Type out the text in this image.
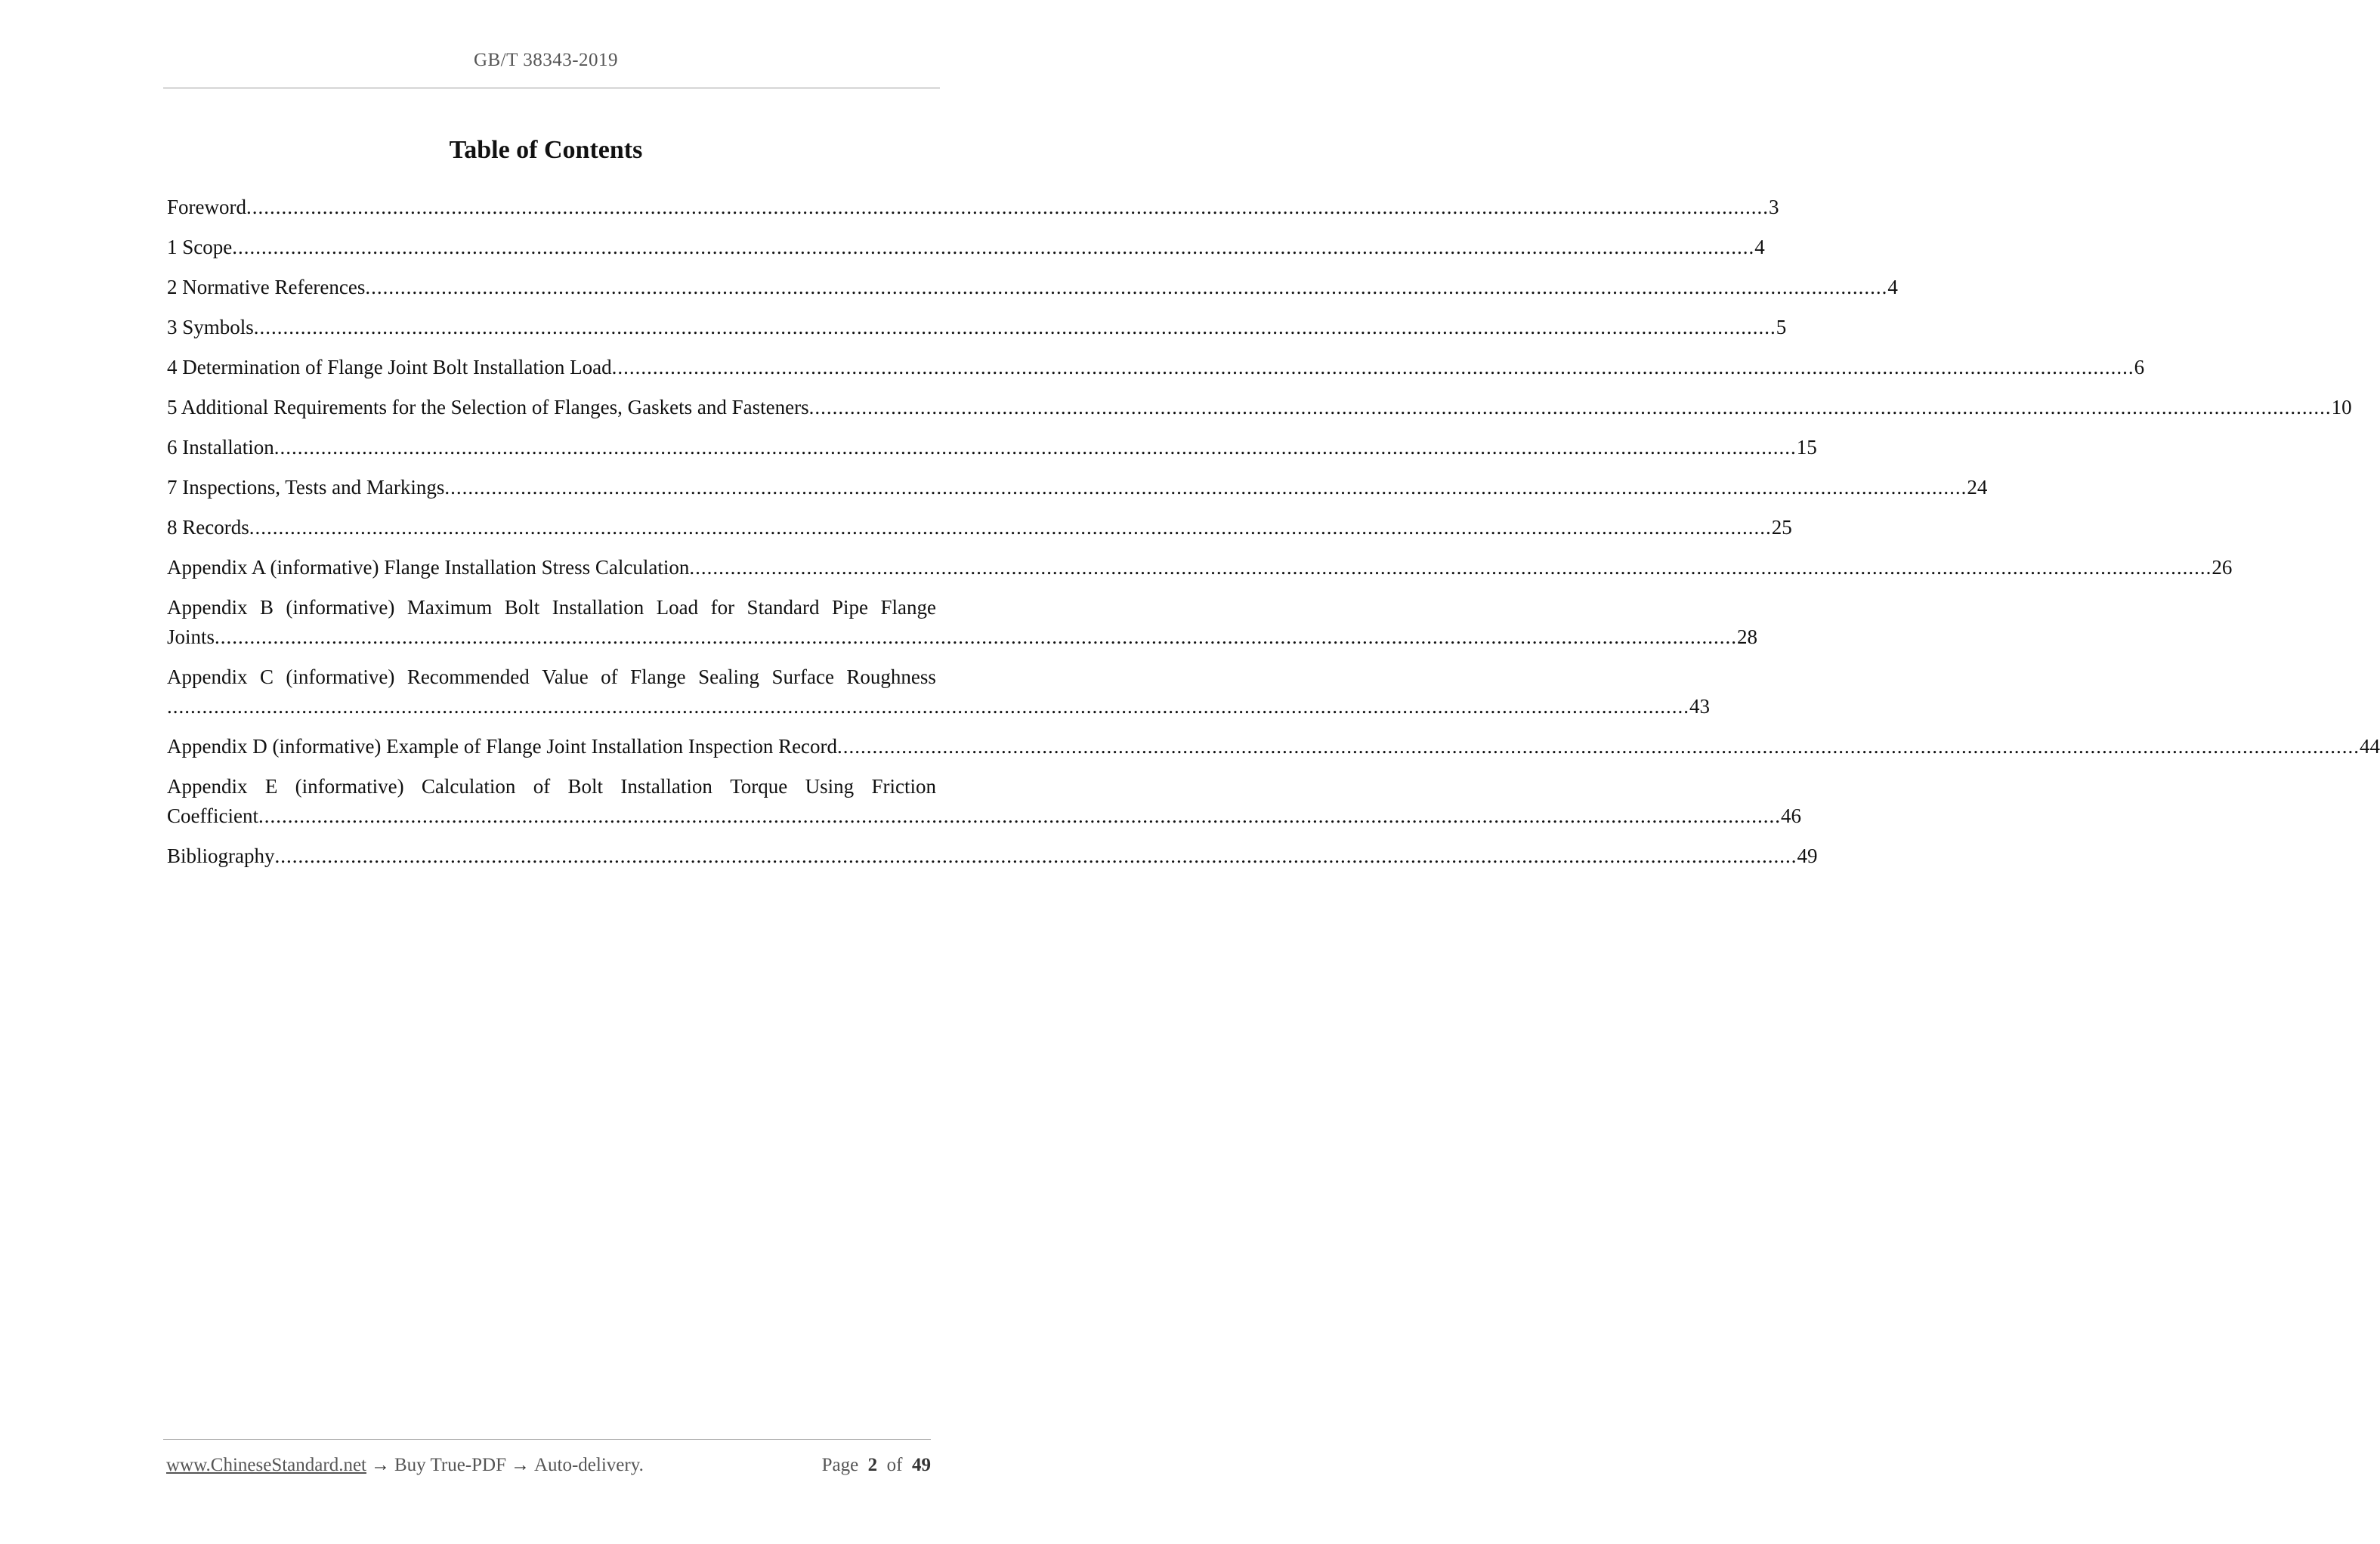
GB/T 38343-2019
Table of Contents
Foreword .................................................................................................................................................................................................................................................................... 3
1 Scope .................................................................................................................................................................................................................................................................... 4
2 Normative References .................................................................................................................................................................................................................................................................... 4
3 Symbols .................................................................................................................................................................................................................................................................... 5
4 Determination of Flange Joint Bolt Installation Load .................................................................................................................................................................................................................................................................... 6
5 Additional Requirements for the Selection of Flanges, Gaskets and Fasteners .................................................................................................................................................................................................................................................................... 10
6 Installation .................................................................................................................................................................................................................................................................... 15
7 Inspections, Tests and Markings .................................................................................................................................................................................................................................................................... 24
8 Records .................................................................................................................................................................................................................................................................... 25
Appendix A (informative) Flange Installation Stress Calculation .................................................................................................................................................................................................................................................................... 26
Appendix B (informative) Maximum Bolt Installation Load for Standard Pipe Flange
Joints .................................................................................................................................................................................................................................................................... 28
Appendix C (informative) Recommended Value of Flange Sealing Surface Roughness
.................................................................................................................................................................................................................................................................... 43
Appendix D (informative) Example of Flange Joint Installation Inspection Record .................................................................................................................................................................................................................................................................... 44
Appendix E (informative) Calculation of Bolt Installation Torque Using Friction
Coefficient .................................................................................................................................................................................................................................................................... 46
Bibliography .................................................................................................................................................................................................................................................................... 49
www.ChineseStandard.net → Buy True-PDF → Auto-delivery.	Page 2 of 49
